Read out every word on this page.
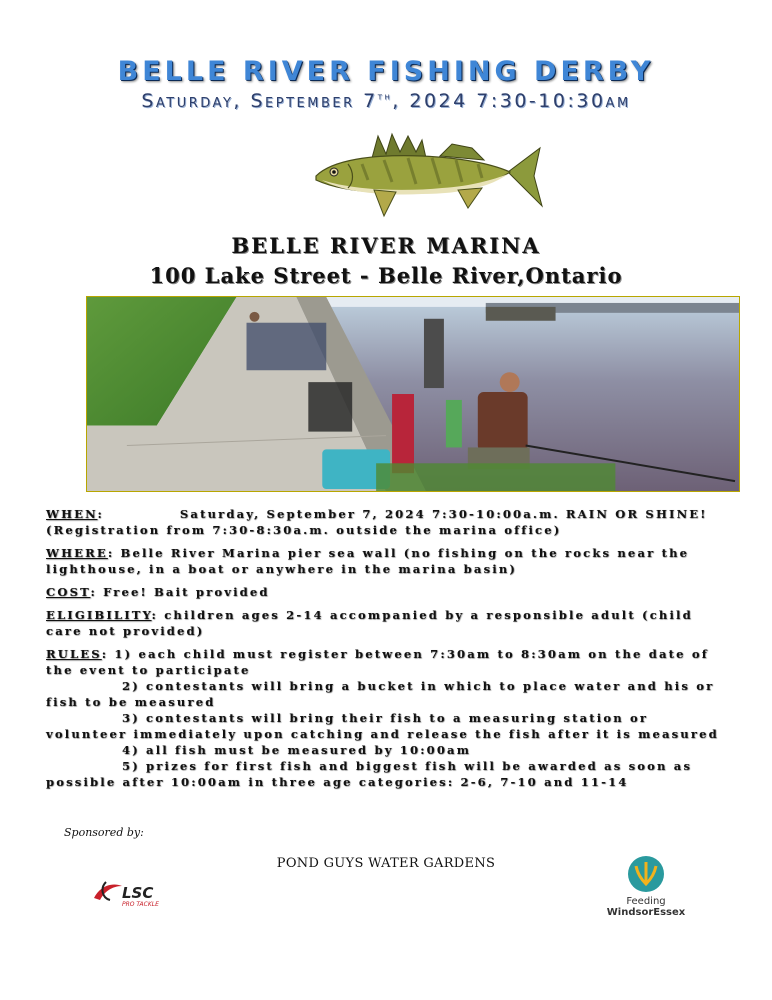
BELLE RIVER FISHING DERBY
Saturday, September 7th, 2024 7:30-10:30am
BELLE RIVER MARINA
100 Lake Street - Belle River,Ontario

WHEN:	Saturday, September 7, 2024 7:30-10:00a.m. RAIN OR SHINE! (Registration from 7:30-8:30a.m. outside the marina office)

WHERE: Belle River Marina pier sea wall (no fishing on the rocks near the lighthouse, in a boat or anywhere in the marina basin)

COST: Free! Bait provided

ELIGIBILITY: children ages 2-14 accompanied by a responsible adult (child care not provided)

RULES: 1) each child must register between 7:30am to 8:30am on the date of the event to participate
2) contestants will bring a bucket in which to place water and his or fish to be measured
3) contestants will bring their fish to a measuring station or volunteer immediately upon catching and release the fish after it is measured
4) all fish must be measured by 10:00am
5) prizes for first fish and biggest fish will be awarded as soon as possible after 10:00am in three age categories: 2-6, 7-10 and 11-14
Sponsored by:
POND GUYS WATER GARDENS
LSC
PRO TACKLE	Feeding
WindsorEssex
